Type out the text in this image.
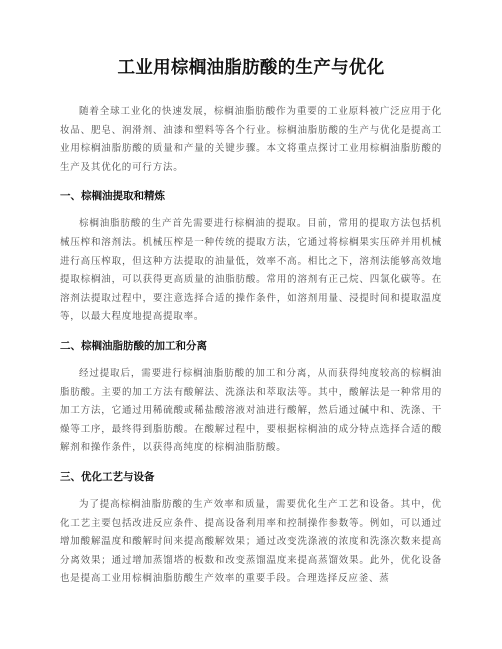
工业用棕榈油脂肪酸的生产与优化

随着全球工业化的快速发展，棕榈油脂肪酸作为重要的工业原料被广泛应用于化妆品、肥皂、润滑剂、油漆和塑料等各个行业。棕榈油脂肪酸的生产与优化是提高工业用棕榈油脂肪酸的质量和产量的关键步骤。本文将重点探讨工业用棕榈油脂肪酸的生产及其优化的可行方法。

一、棕榈油提取和精炼

棕榈油脂肪酸的生产首先需要进行棕榈油的提取。目前，常用的提取方法包括机械压榨和溶剂法。机械压榨是一种传统的提取方法，它通过将棕榈果实压碎并用机械进行高压榨取，但这种方法提取的油量低，效率不高。相比之下，溶剂法能够高效地提取棕榈油，可以获得更高质量的油脂肪酸。常用的溶剂有正己烷、四氯化碳等。在溶剂法提取过程中，要注意选择合适的操作条件，如溶剂用量、浸提时间和提取温度等，以最大程度地提高提取率。

二、棕榈油脂肪酸的加工和分离

经过提取后，需要进行棕榈油脂肪酸的加工和分离，从而获得纯度较高的棕榈油脂肪酸。主要的加工方法有酸解法、洗涤法和萃取法等。其中，酸解法是一种常用的加工方法，它通过用稀硫酸或稀盐酸溶液对油进行酸解，然后通过碱中和、洗涤、干燥等工序，最终得到脂肪酸。在酸解过程中，要根据棕榈油的成分特点选择合适的酸解剂和操作条件，以获得高纯度的棕榈油脂肪酸。

三、优化工艺与设备

为了提高棕榈油脂肪酸的生产效率和质量，需要优化生产工艺和设备。其中，优化工艺主要包括改进反应条件、提高设备利用率和控制操作参数等。例如，可以通过增加酸解温度和酸解时间来提高酸解效果；通过改变洗涤液的浓度和洗涤次数来提高分离效果；通过增加蒸馏塔的板数和改变蒸馏温度来提高蒸馏效果。此外，优化设备也是提高工业用棕榈油脂肪酸生产效率的重要手段。合理选择反应釜、蒸
